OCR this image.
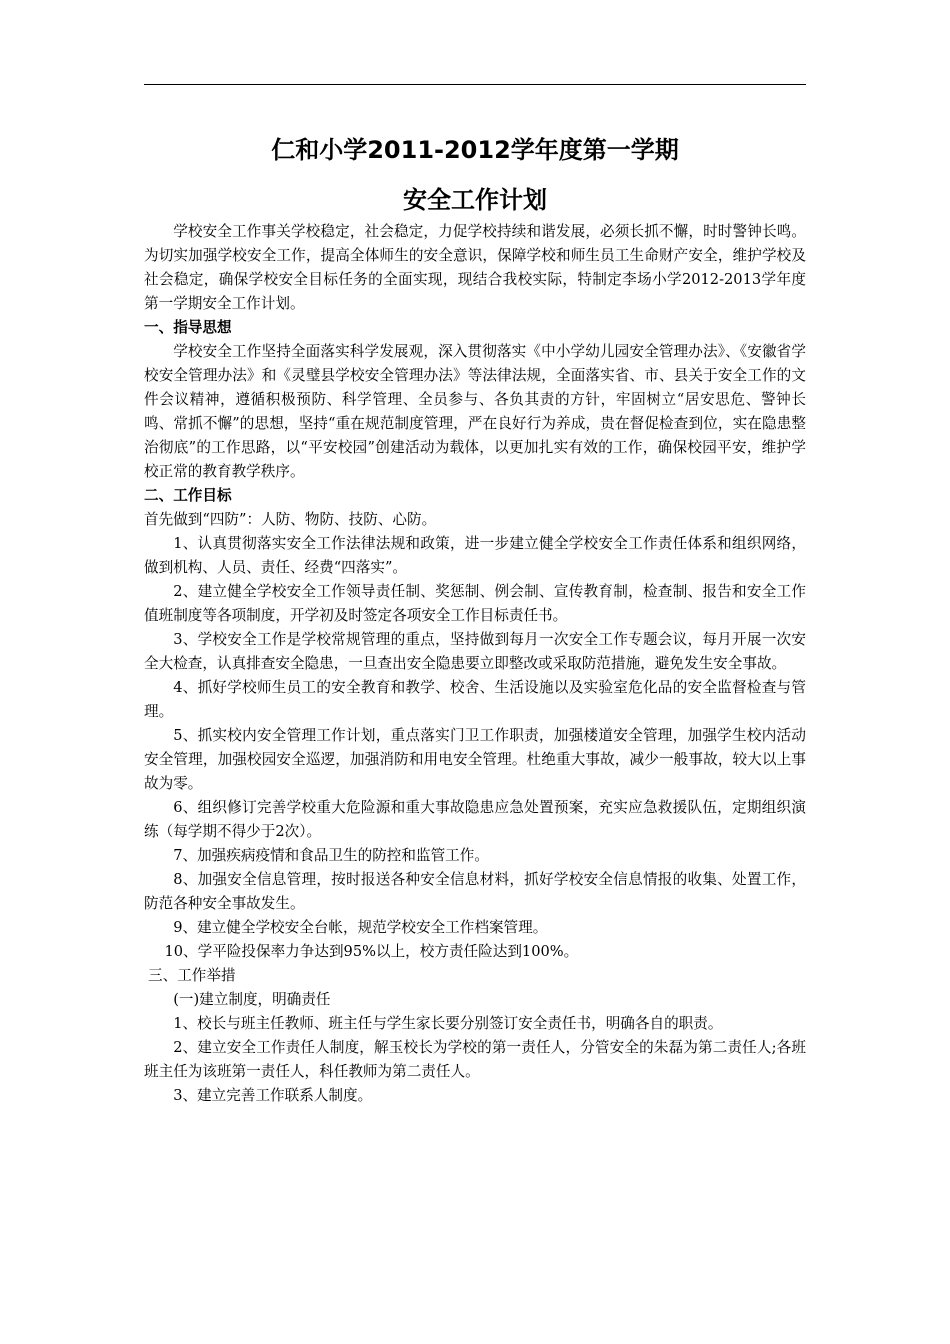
仁和小学2011-2012学年度第一学期
安全工作计划

学校安全工作事关学校稳定，社会稳定，力促学校持续和谐发展，必须长抓不懈，时时警钟长鸣。为切实加强学校安全工作，提高全体师生的安全意识，保障学校和师生员工生命财产安全，维护学校及社会稳定，确保学校安全目标任务的全面实现，现结合我校实际，特制定李场小学2012-2013学年度第一学期安全工作计划。

一、指导思想

学校安全工作坚持全面落实科学发展观，深入贯彻落实《中小学幼儿园安全管理办法》、《安徽省学校安全管理办法》和《灵璧县学校安全管理办法》等法律法规，全面落实省、市、县关于安全工作的文件会议精神，遵循积极预防、科学管理、全员参与、各负其责的方针，牢固树立“居安思危、警钟长鸣、常抓不懈”的思想，坚持“重在规范制度管理，严在良好行为养成，贵在督促检查到位，实在隐患整治彻底”的工作思路，以“平安校园”创建活动为载体，以更加扎实有效的工作，确保校园平安，维护学校正常的教育教学秩序。

二、工作目标

首先做到“四防”：人防、物防、技防、心防。

1、认真贯彻落实安全工作法律法规和政策，进一步建立健全学校安全工作责任体系和组织网络，做到机构、人员、责任、经费“四落实”。

2、建立健全学校安全工作领导责任制、奖惩制、例会制、宣传教育制，检查制、报告和安全工作值班制度等各项制度，开学初及时签定各项安全工作目标责任书。

3、学校安全工作是学校常规管理的重点，坚持做到每月一次安全工作专题会议，每月开展一次安全大检查，认真排查安全隐患，一旦查出安全隐患要立即整改或采取防范措施，避免发生安全事故。

4、抓好学校师生员工的安全教育和教学、校舍、生活设施以及实验室危化品的安全监督检查与管理。

5、抓实校内安全管理工作计划，重点落实门卫工作职责，加强楼道安全管理，加强学生校内活动安全管理，加强校园安全巡逻，加强消防和用电安全管理。杜绝重大事故，减少一般事故，较大以上事故为零。

6、组织修订完善学校重大危险源和重大事故隐患应急处置预案，充实应急救援队伍，定期组织演练（每学期不得少于2次）。

7、加强疾病疫情和食品卫生的防控和监管工作。

8、加强安全信息管理，按时报送各种安全信息材料，抓好学校安全信息情报的收集、处置工作，防范各种安全事故发生。

9、建立健全学校安全台帐，规范学校安全工作档案管理。

10、学平险投保率力争达到95%以上，校方责任险达到100%。

三、工作举措

(一)建立制度，明确责任

1、校长与班主任教师、班主任与学生家长要分别签订安全责任书，明确各自的职责。

2、建立安全工作责任人制度，解玉校长为学校的第一责任人，分管安全的朱磊为第二责任人;各班班主任为该班第一责任人，科任教师为第二责任人。

3、建立完善工作联系人制度。
